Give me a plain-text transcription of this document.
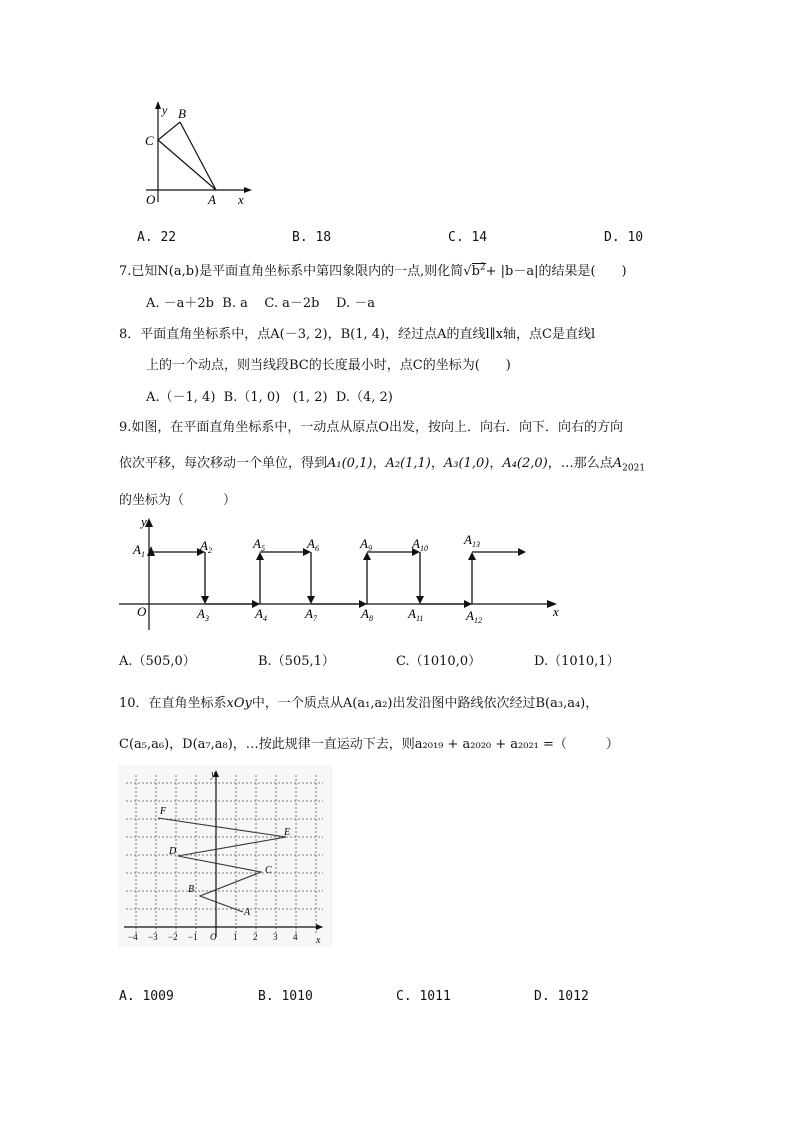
y B
C
O	A x
A. 22	B. 18	C. 14	D. 10
7.已知N(a,b)是平面直角坐标系中第四象限内的一点,则化简$√b^2+ |b-a|$的结果是(　　)
A. －a＋2b B. a C. a－2b D. －a
8．平面直角坐标系中，点A(－3, 2)，B(1, 4)，经过点A的直线l∥x轴，点C是直线l
上的一个动点，则当线段BC的长度最小时，点C的坐标为(　　)
A.（－1, 4) B.（1, 0) (1, 2) D.（4, 2)
9.如图，在平面直角坐标系中，一动点从原点O出发，按向上．向右．向下．向右的方向
依次平移，每次移动一个单位，得到A₁(0,1)，A₂(1,1)，A₃(1,0)，A₄(2,0)，…那么点$A_{2021}$
的坐标为（　　　）
y
x
O
$A_1$
$A_2$	$A_5$	$A_6$	$A_9$	$A_{10}$
$A_{13}$
$A_3$	$A_4$	$A_7$	$A_8$	$A_{11}$	$A_{12}$
A.（505,0）	B.（505,1）	C.（1010,0）	D.（1010,1）
10．在直角坐标系xOy中，一个质点从A(a₁,a₂)出发沿图中路线依次经过B(a₃,a₄)，
C(a₅,a₆)，D(a₇,a₈)，…按此规律一直运动下去，则a₂₀₁₉ + a₂₀₂₀ + a₂₀₂₁ =（　　　）
y
x
F
E
D
C
B
A
−4 −3 −2 −1 O 1 2 3 4
A. 1009	B. 1010	C. 1011	D. 1012
